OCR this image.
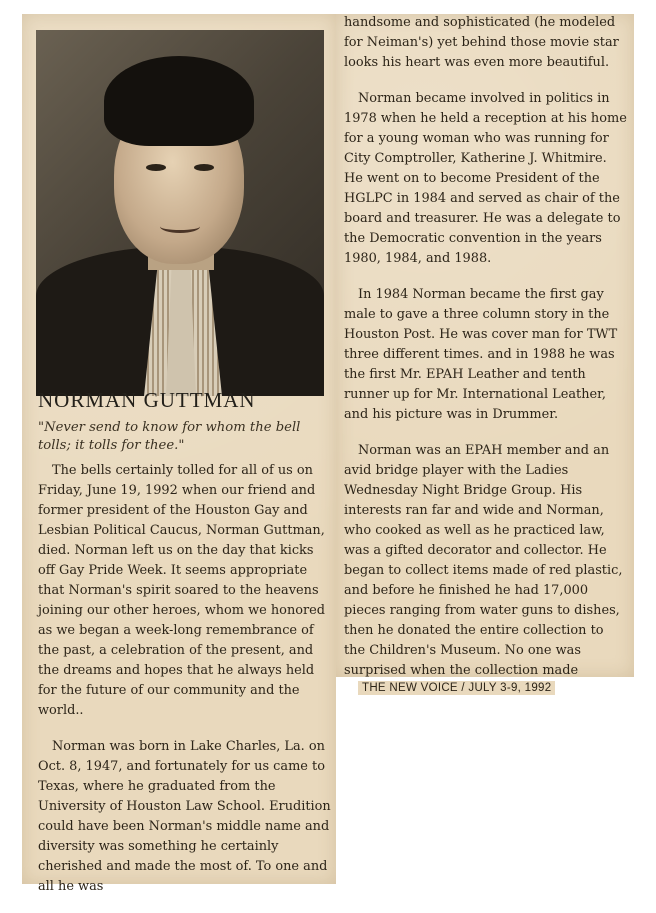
NORMAN GUTTMAN

"Never send to know for whom the bell tolls; it tolls for thee."

The bells certainly tolled for all of us on Friday, June 19, 1992 when our friend and former president of the Houston Gay and Lesbian Political Caucus, Norman Guttman, died. Norman left us on the day that kicks off Gay Pride Week. It seems appropriate that Norman's spirit soared to the heavens joining our other heroes, whom we honored as we began a week-long remembrance of the past, a celebration of the present, and the dreams and hopes that he always held for the future of our community and the world..

Norman was born in Lake Charles, La. on Oct. 8, 1947, and fortunately for us came to Texas, where he graduated from the University of Houston Law School. Erudition could have been Norman's middle name and diversity was something he certainly cherished and made the most of. To one and all he was

handsome and sophisticated (he modeled for Neiman's) yet behind those movie star looks his heart was even more beautiful.

Norman became involved in politics in 1978 when he held a reception at his home for a young woman who was running for City Comptroller, Katherine J. Whitmire. He went on to become President of the HGLPC in 1984 and served as chair of the board and treasurer. He was a delegate to the Democratic convention in the years 1980, 1984, and 1988.

In 1984 Norman became the first gay male to gave a three column story in the Houston Post. He was cover man for TWT three different times. and in 1988 he was the first Mr. EPAH Leather and tenth runner up for Mr. International Leather, and his picture was in Drummer.

Norman was an EPAH member and an avid bridge player with the Ladies Wednesday Night Bridge Group. His interests ran far and wide and Norman, who cooked as well as he practiced law, was a gifted decorator and collector. He began to collect items made of red plastic, and before he finished he had 17,000 pieces ranging from water guns to dishes, then he donated the entire collection to the Children's Museum. No one was surprised when the collection made

THE NEW VOICE / JULY 3-9, 1992
